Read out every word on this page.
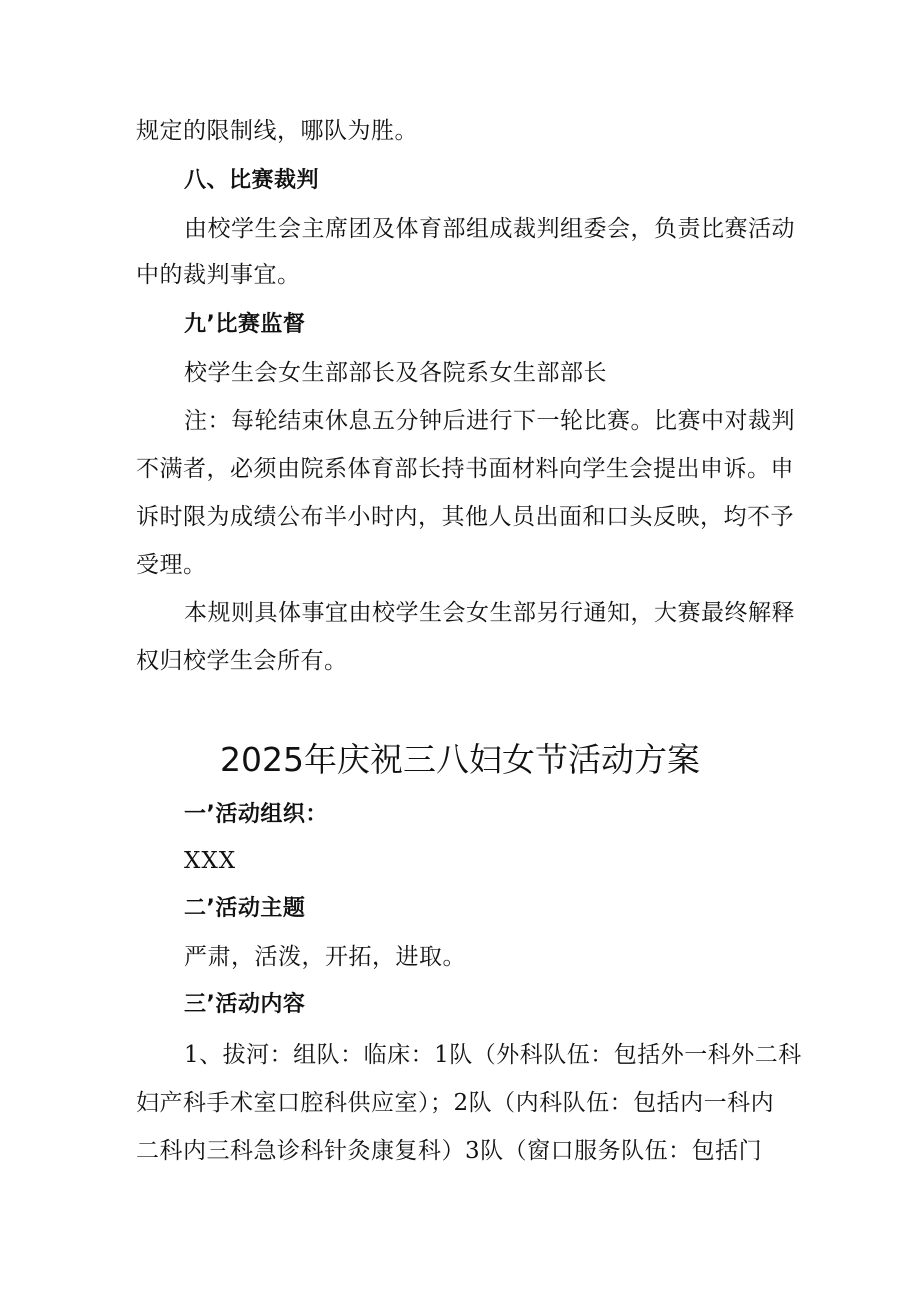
规定的限制线，哪队为胜。
八、比赛裁判
由校学生会主席团及体育部组成裁判组委会，负责比赛活动
中的裁判事宜。
九’比赛监督
校学生会女生部部长及各院系女生部部长
注：每轮结束休息五分钟后进行下一轮比赛。比赛中对裁判
不满者，必须由院系体育部长持书面材料向学生会提出申诉。申
诉时限为成绩公布半小时内，其他人员出面和口头反映，均不予
受理。
本规则具体事宜由校学生会女生部另行通知，大赛最终解释
权归校学生会所有。
2025年庆祝三八妇女节活动方案
一’活动组织：
XXX
二’活动主题
严肃，活泼，开拓，进取。
三’活动内容
1、拔河：组队：临床：1队（外科队伍：包括外一科外二科
妇产科手术室口腔科供应室）；2队（内科队伍：包括内一科内
二科内三科急诊科针灸康复科）3队（窗口服务队伍：包括门
